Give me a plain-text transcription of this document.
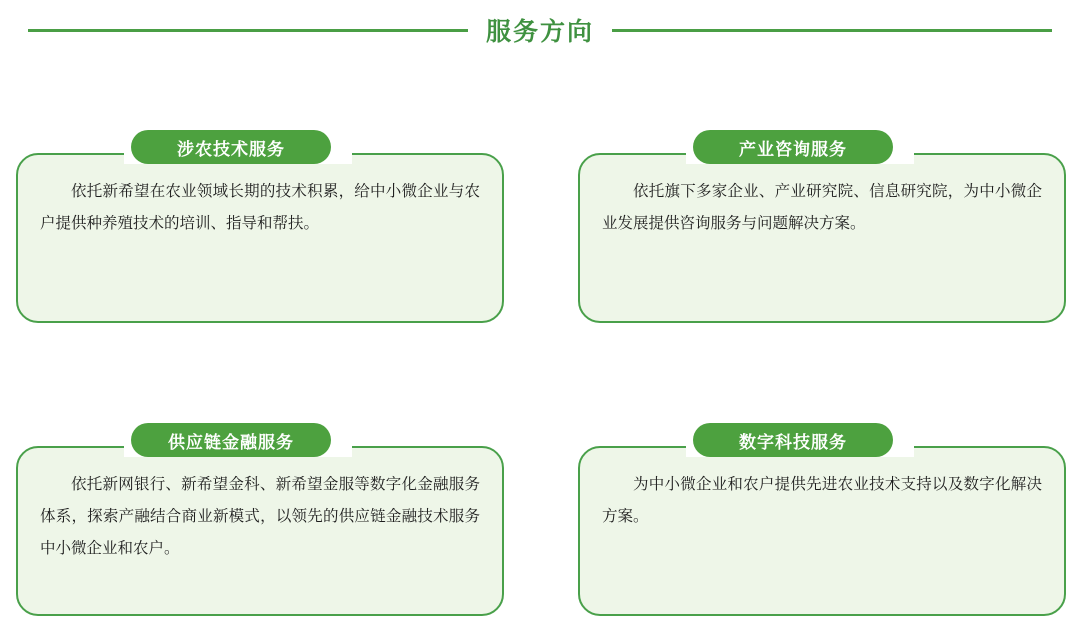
服务方向
涉农技术服务
依托新希望在农业领域长期的技术积累，给中小微企业与农户提供种养殖技术的培训、指导和帮扶。
产业咨询服务
依托旗下多家企业、产业研究院、信息研究院，为中小微企业发展提供咨询服务与问题解决方案。
供应链金融服务
依托新网银行、新希望金科、新希望金服等数字化金融服务体系，探索产融结合商业新模式，以领先的供应链金融技术服务中小微企业和农户。
数字科技服务
为中小微企业和农户提供先进农业技术支持以及数字化解决方案。
